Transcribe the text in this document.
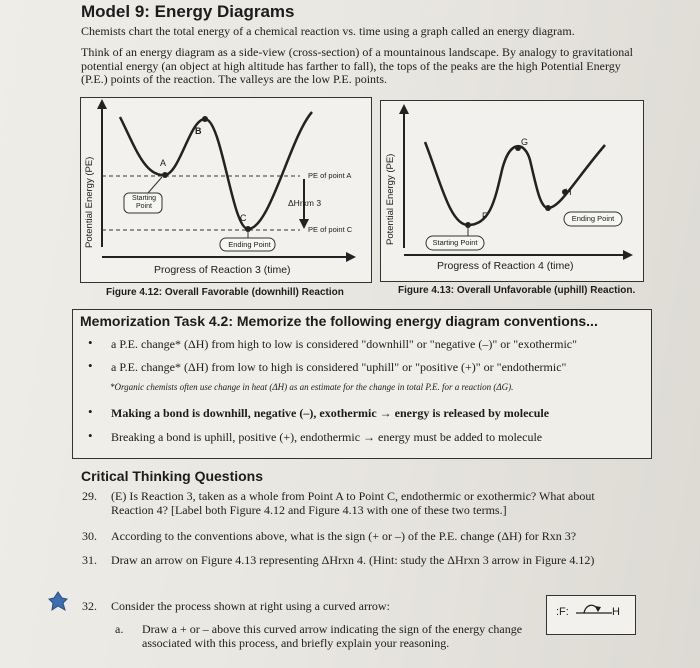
Model 9: Energy Diagrams
Chemists chart the total energy of a chemical reaction vs. time using a graph called an energy diagram.
Think of an energy diagram as a side-view (cross-section) of a mountainous landscape. By analogy to gravitational potential energy (an object at high altitude has farther to fall), the tops of the peaks are the high Potential Energy (P.E.) points of the reaction. The valleys are the low P.E. points.
Potential Energy (PE)
Progress of Reaction 3 (time)
A
B
C
Starting Point
Ending Point
PE of point A
PE of point C
ΔHrxm 3
Figure 4.12: Overall Favorable (downhill) Reaction
Potential Energy (PE)
Progress of Reaction 4 (time)
G
F
H
Starting Point
Ending Point
Figure 4.13: Overall Unfavorable (uphill) Reaction.
Memorization Task 4.2: Memorize the following energy diagram conventions...
• a P.E. change* (ΔH) from high to low is considered "downhill" or "negative (–)" or "exothermic"
• a P.E. change* (ΔH) from low to high is considered "uphill" or "positive (+)" or "endothermic"
*Organic chemists often use change in heat (ΔH) as an estimate for the change in total P.E. for a reaction (ΔG).
• Making a bond is downhill, negative (–), exothermic → energy is released by molecule
• Breaking a bond is uphill, positive (+), endothermic → energy must be added to molecule
Critical Thinking Questions
29. (E) Is Reaction 3, taken as a whole from Point A to Point C, endothermic or exothermic? What about Reaction 4? [Label both Figure 4.12 and Figure 4.13 with one of these two terms.]
30. According to the conventions above, what is the sign (+ or –) of the P.E. change (ΔH) for Rxn 3?
31. Draw an arrow on Figure 4.13 representing ΔHrxn 4. (Hint: study the ΔHrxn 3 arrow in Figure 4.12)
32. Consider the process shown at right using a curved arrow:
a. Draw a + or – above this curved arrow indicating the sign of the energy change associated with this process, and briefly explain your reasoning.
:F:	H
